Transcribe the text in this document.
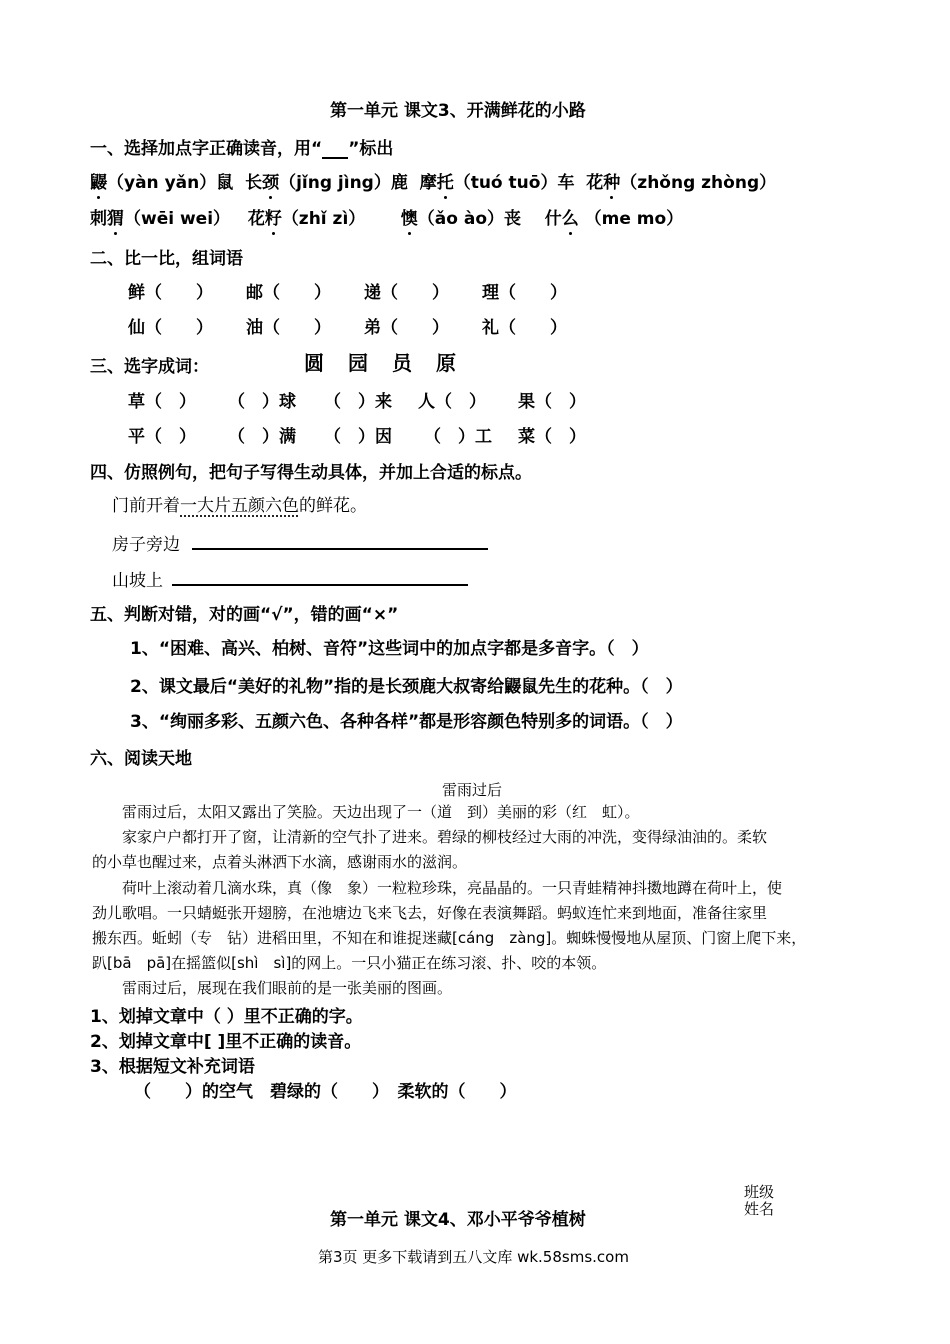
第一单元 课文3、开满鲜花的小路
一、选择加点字正确读音，用“ ”标出
鼹（yàn yǎn）鼠 长颈（jǐng jìng）鹿 摩托（tuó tuō）车 花种（zhǒng zhòng）
刺猬（wēi wei） 花籽（zhǐ zì） 懊（ǎo ào）丧 什么 （me mo）
二、比一比，组词语
鲜（　　） 邮（　　） 递（　　） 理（　　）
仙（　　） 油（　　） 弟（　　） 礼（　　）
三、选字成词：	圆　园　员　原
草（　） （　）球 （　）来 人（　） 果（　）
平（　） （　）满 （　）因 （　）工 菜（　）
四、仿照例句，把句子写得生动具体，并加上合适的标点。
门前开着一大片五颜六色的鲜花。
房子旁边
山坡上
五、判断对错，对的画“√”，错的画“×”
1、“困难、高兴、柏树、音符”这些词中的加点字都是多音字。（　）
2、课文最后“美好的礼物”指的是长颈鹿大叔寄给鼹鼠先生的花种。（　）
3、“绚丽多彩、五颜六色、各种各样”都是形容颜色特别多的词语。（　）
六、阅读天地
雷雨过后
雷雨过后，太阳又露出了笑脸。天边出现了一（道　到）美丽的彩（红　虹）。
家家户户都打开了窗，让清新的空气扑了进来。碧绿的柳枝经过大雨的冲洗，变得绿油油的。柔软
的小草也醒过来，点着头淋洒下水滴，感谢雨水的滋润。
荷叶上滚动着几滴水珠，真（像　象）一粒粒珍珠，亮晶晶的。一只青蛙精神抖擞地蹲在荷叶上，使
劲儿歌唱。一只蜻蜓张开翅膀，在池塘边飞来飞去，好像在表演舞蹈。蚂蚁连忙来到地面，准备往家里
搬东西。蚯蚓（专　钻）进稻田里，不知在和谁捉迷藏[cáng　zàng]。蜘蛛慢慢地从屋顶、门窗上爬下来，
趴[bā　pā]在摇篮似[shì　sì]的网上。一只小猫正在练习滚、扑、咬的本领。
雷雨过后，展现在我们眼前的是一张美丽的图画。
1、划掉文章中（ ）里不正确的字。
2、划掉文章中[ ]里不正确的读音。
3、根据短文补充词语
（　　）的空气　碧绿的（　　）　柔软的（　　）
班级
姓名
第一单元 课文4、邓小平爷爷植树
第3页 更多下载请到五八文库 wk.58sms.com
